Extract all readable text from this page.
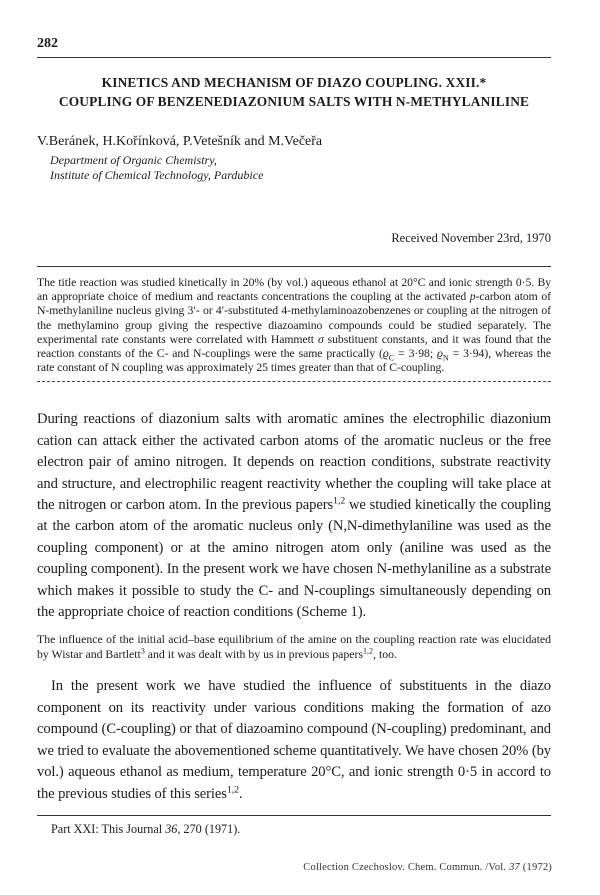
282
KINETICS AND MECHANISM OF DIAZO COUPLING. XXII.*
COUPLING OF BENZENEDIAZONIUM SALTS WITH N-METHYLANILINE
V.Beránek, H.Kořínková, P.Vetešník and M.Večeřa
Department of Organic Chemistry,
Institute of Chemical Technology, Pardubice
Received November 23rd, 1970
The title reaction was studied kinetically in 20% (by vol.) aqueous ethanol at 20°C and ionic strength 0·5. By an appropriate choice of medium and reactants concentrations the coupling at the activated p-carbon atom of N-methylaniline nucleus giving 3′- or 4′-substituted 4-methylaminoazobenzenes or coupling at the nitrogen of the methylamino group giving the respective diazoamino compounds could be studied separately. The experimental rate constants were correlated with Hammett σ substituent constants, and it was found that the reaction constants of the C- and N-couplings were the same practically ($ϱ_C = 3\cdot 98$; $ϱ_N = 3\cdot 94$), whereas the rate constant of N coupling was approximately 25 times greater than that of C-coupling.

During reactions of diazonium salts with aromatic amines the electrophilic diazonium cation can attack either the activated carbon atoms of the aromatic nucleus or the free electron pair of amino nitrogen. It depends on reaction conditions, substrate reactivity and structure, and electrophilic reagent reactivity whether the coupling will take place at the nitrogen or carbon atom. In the previous papers$^{1,2}$ we studied kinetically the coupling at the carbon atom of the aromatic nucleus only (N,N-dimethylaniline was used as the coupling component) or at the amino nitrogen atom only (aniline was used as the coupling component). In the present work we have chosen N-methylaniline as a substrate which makes it possible to study the C- and N-couplings simultaneously depending on the appropriate choice of reaction conditions (Scheme 1).

The influence of the initial acid–base equilibrium of the amine on the coupling reaction rate was elucidated by Wistar and Bartlett$^3$ and it was dealt with by us in previous papers$^{1,2}$, too.

In the present work we have studied the influence of substituents in the diazo component on its reactivity under various conditions making the formation of azo compound (C-coupling) or that of diazoamino compound (N-coupling) predominant, and we tried to evaluate the abovementioned scheme quantitatively. We have chosen 20% (by vol.) aqueous ethanol as medium, temperature 20°C, and ionic strength 0·5 in accord to the previous studies of this series$^{1,2}$.

Part XXI: This Journal 36, 270 (1971).
Collection Czechoslov. Chem. Commun. /Vol. 37 (1972)
